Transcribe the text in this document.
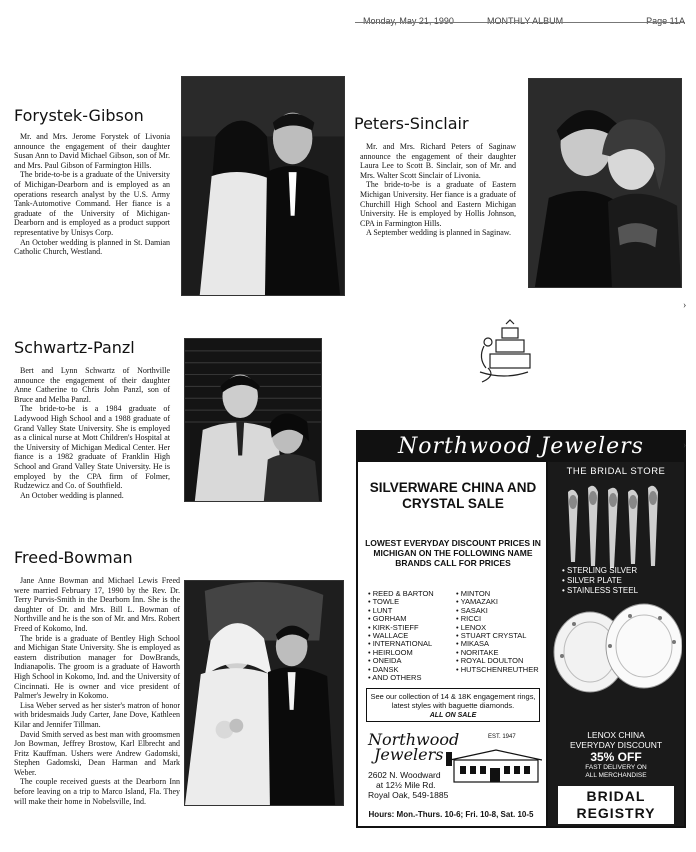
Monday, May 21, 1990	MONTHLY ALBUM	Page 11A
Forystek-Gibson

Mr. and Mrs. Jerome Forystek of Livonia announce the engagement of their daughter Susan Ann to David Michael Gibson, son of Mr. and Mrs. Paul Gibson of Farmington Hills.

The bride-to-be is a graduate of the University of Michigan-Dearborn and is employed as an operations research analyst by the U.S. Army Tank-Automotive Command. Her fiance is a graduate of the University of Michigan-Dearborn and is employed as a product support representative by Unisys Corp.

An October wedding is planned in St. Damian Catholic Church, Westland.

Peters-Sinclair

Mr. and Mrs. Richard Peters of Saginaw announce the engagement of their daughter Laura Lee to Scott B. Sinclair, son of Mr. and Mrs. Walter Scott Sinclair of Livonia.

The bride-to-be is a graduate of Eastern Michigan University. Her fiance is a graduate of Churchill High School and Eastern Michigan University. He is employed by Hollis Johnson, CPA in Farmington Hills.

A September wedding is planned in Saginaw.

Schwartz-Panzl

Bert and Lynn Schwartz of Northville announce the engagement of their daughter Anne Catherine to Chris John Panzl, son of Bruce and Melba Panzl.

The bride-to-be is a 1984 graduate of Ladywood High School and a 1988 graduate of Grand Valley State University. She is employed as a clinical nurse at Mott Children's Hospital at the University of Michigan Medical Center. Her fiance is a 1982 graduate of Franklin High School and Grand Valley State University. He is employed by the CPA firm of Folmer, Rudzewicz and Co. of Southfield.

An October wedding is planned.

Freed-Bowman

Jane Anne Bowman and Michael Lewis Freed were married February 17, 1990 by the Rev. Dr. Terry Purvis-Smith in the Dearborn Inn. She is the daughter of Dr. and Mrs. Bill L. Bowman of Northville and he is the son of Mr. and Mrs. Robert Freed of Kokomo, Ind.

The bride is a graduate of Bentley High School and Michigan State University. She is employed as eastern distribution manager for DowBrands, Indianapolis. The groom is a graduate of Haworth High School in Kokomo, Ind. and the University of Cincinnati. He is owner and vice president of Palmer's Jewelry in Kokomo.

Lisa Weber served as her sister's matron of honor with bridesmaids Judy Carter, Jane Dove, Kathleen Kilar and Jennifer Tillman.

David Smith served as best man with groomsmen Jon Bowman, Jeffrey Brostow, Karl Elbrecht and Fritz Kauffman. Ushers were Andrew Gadomski, Stephen Gadomski, Dean Harman and Mark Weber.

The couple received guests at the Dearborn Inn before leaving on a trip to Marco Island, Fla. They will make their home in Nobelsville, Ind.

›
Northwood Jewelers
SILVERWARE CHINA AND CRYSTAL SALE
LOWEST EVERYDAY DISCOUNT PRICES IN MICHIGAN ON THE FOLLOWING NAME BRANDS CALL FOR PRICES
• REED & BARTON
• TOWLE
• LUNT
• GORHAM
• KIRK-STIEFF
• WALLACE
• INTERNATIONAL
• HEIRLOOM
• ONEIDA
• DANSK
• AND OTHERS
• MINTON
• YAMAZAKI
• SASAKI
• RICCI
• LENOX
• STUART CRYSTAL
• MIKASA
• NORITAKE
• ROYAL DOULTON
• HUTSCHENREUTHER
See our collection of 14 & 18K engagement rings, latest styles with baguette diamonds.
ALL ON SALE
Northwood
Jewelers
EST. 1947
2602 N. Woodward
at 12½ Mile Rd.
Royal Oak, 549-1885
Hours: Mon.-Thurs. 10-6; Fri. 10-8, Sat. 10-5
THE BRIDAL STORE
• STERLING SILVER
• SILVER PLATE
• STAINLESS STEEL
LENOX CHINA
EVERYDAY DISCOUNT
35% OFF
FAST DELIVERY ON
ALL MERCHANDISE
BRIDAL
REGISTRY
›
